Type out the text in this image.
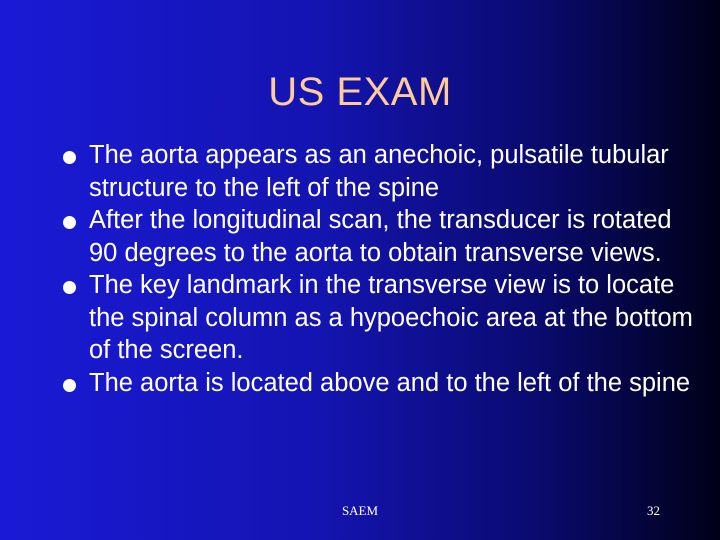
US EXAM
The aorta appears as an anechoic, pulsatile tubular structure to the left of the spine
After the longitudinal scan, the transducer is rotated 90 degrees to the aorta to obtain transverse views.
The key landmark in the transverse view is to locate the spinal column as a hypoechoic area at the bottom of the screen.
The aorta is located above and to the left of the spine
SAEM	32
